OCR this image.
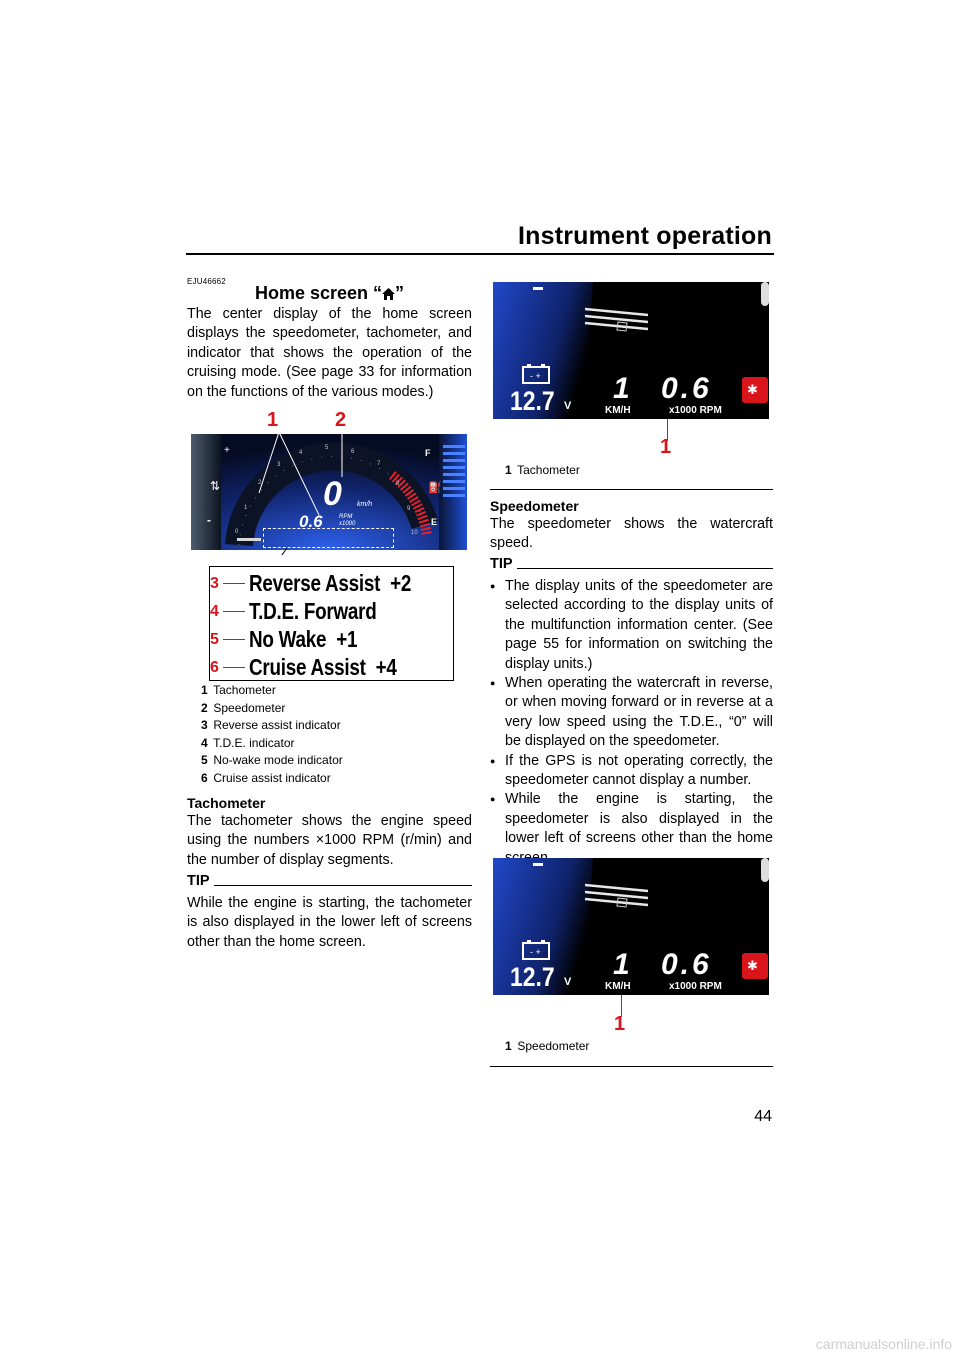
Instrument operation
EJU46662
Home screen “ ”

The center display of the home screen displays the speedometer, tachometer, and indicator that shows the operation of the cruising mode. (See page 33 for information on the functions of the various modes.)

+
-
F
E
⛽
⇅
0
1
2
3
4
5
6
7
8
9
10
0 km/h
0.6	RPM
x1000
1	2
3 Reverse Assist  +2
4 T.D.E. Forward
5 No Wake  +1
6 Cruise Assist  +4
1 Tachometer
2 Speedometer
3 Reverse assist indicator
4 T.D.E. indicator
5 No-wake mode indicator
6 Cruise assist indicator
Tachometer

The tachometer shows the engine speed using the numbers ×1000 RPM (r/min) and the number of display segments.

TIP

While the engine is starting, the tachometer is also displayed in the lower left of screens other than the home screen.

- +
12.7 V
1
KM/H
0.6
x1000 RPM
✱
1
1 Tachometer
Speedometer

The speedometer shows the watercraft speed.

TIP
● The display units of the speedometer are selected according to the display units of the multifunction information center. (See page 55 for information on switching the display units.)
● When operating the watercraft in reverse, or when moving forward or in reverse at a very low speed using the T.D.E., “0” will be displayed on the speedometer.
● If the GPS is not operating correctly, the speedometer cannot display a number.
● While the engine is starting, the speedometer is also displayed in the lower left of screens other than the home
- +
12.7 V
1
KM/H
0.6
x1000 RPM
✱
1
1 Speedometer
44
carmanualsonline.info
